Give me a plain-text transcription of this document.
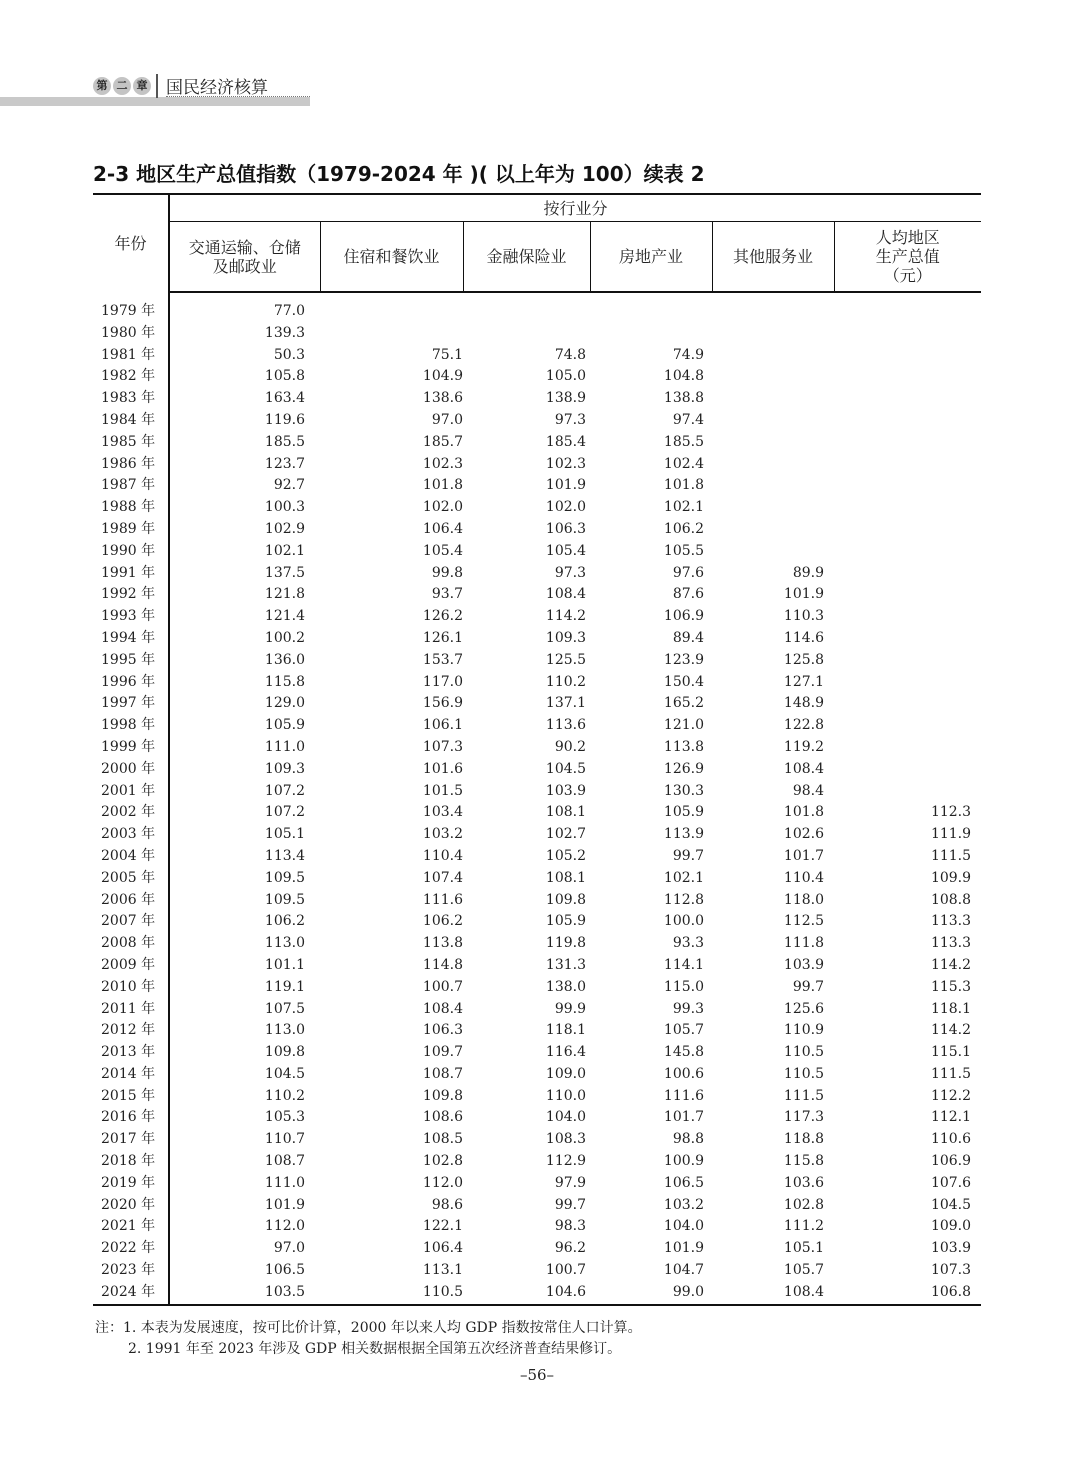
第 二 章 国民经济核算
2-3 地区生产总值指数（1979-2024 年 )( 以上年为 100）续表 2
年份	按行业分					
	交通运输、仓储
及邮政业	住宿和餐饮业	金融保险业	房地产业	其他服务业	人均地区
生产总值
（元）

1979 年	77.0					
1980 年	139.3					
1981 年	50.3	75.1	74.8	74.9		
1982 年	105.8	104.9	105.0	104.8		
1983 年	163.4	138.6	138.9	138.8		
1984 年	119.6	97.0	97.3	97.4		
1985 年	185.5	185.7	185.4	185.5		
1986 年	123.7	102.3	102.3	102.4		
1987 年	92.7	101.8	101.9	101.8		
1988 年	100.3	102.0	102.0	102.1		
1989 年	102.9	106.4	106.3	106.2		
1990 年	102.1	105.4	105.4	105.5		
1991 年	137.5	99.8	97.3	97.6	89.9	
1992 年	121.8	93.7	108.4	87.6	101.9	
1993 年	121.4	126.2	114.2	106.9	110.3	
1994 年	100.2	126.1	109.3	89.4	114.6	
1995 年	136.0	153.7	125.5	123.9	125.8	
1996 年	115.8	117.0	110.2	150.4	127.1	
1997 年	129.0	156.9	137.1	165.2	148.9	
1998 年	105.9	106.1	113.6	121.0	122.8	
1999 年	111.0	107.3	90.2	113.8	119.2	
2000 年	109.3	101.6	104.5	126.9	108.4	
2001 年	107.2	101.5	103.9	130.3	98.4	
2002 年	107.2	103.4	108.1	105.9	101.8	112.3
2003 年	105.1	103.2	102.7	113.9	102.6	111.9
2004 年	113.4	110.4	105.2	99.7	101.7	111.5
2005 年	109.5	107.4	108.1	102.1	110.4	109.9
2006 年	109.5	111.6	109.8	112.8	118.0	108.8
2007 年	106.2	106.2	105.9	100.0	112.5	113.3
2008 年	113.0	113.8	119.8	93.3	111.8	113.3
2009 年	101.1	114.8	131.3	114.1	103.9	114.2
2010 年	119.1	100.7	138.0	115.0	99.7	115.3
2011 年	107.5	108.4	99.9	99.3	125.6	118.1
2012 年	113.0	106.3	118.1	105.7	110.9	114.2
2013 年	109.8	109.7	116.4	145.8	110.5	115.1
2014 年	104.5	108.7	109.0	100.6	110.5	111.5
2015 年	110.2	109.8	110.0	111.6	111.5	112.2
2016 年	105.3	108.6	104.0	101.7	117.3	112.1
2017 年	110.7	108.5	108.3	98.8	118.8	110.6
2018 年	108.7	102.8	112.9	100.9	115.8	106.9
2019 年	111.0	112.0	97.9	106.5	103.6	107.6
2020 年	101.9	98.6	99.7	103.2	102.8	104.5
2021 年	112.0	122.1	98.3	104.0	111.2	109.0
2022 年	97.0	106.4	96.2	101.9	105.1	103.9
2023 年	106.5	113.1	100.7	104.7	105.7	107.3
2024 年	103.5	110.5	104.6	99.0	108.4	106.8
注：1. 本表为发展速度，按可比价计算，2000 年以来人均 GDP 指数按常住人口计算。
2. 1991 年至 2023 年涉及 GDP 相关数据根据全国第五次经济普查结果修订。
–56–
